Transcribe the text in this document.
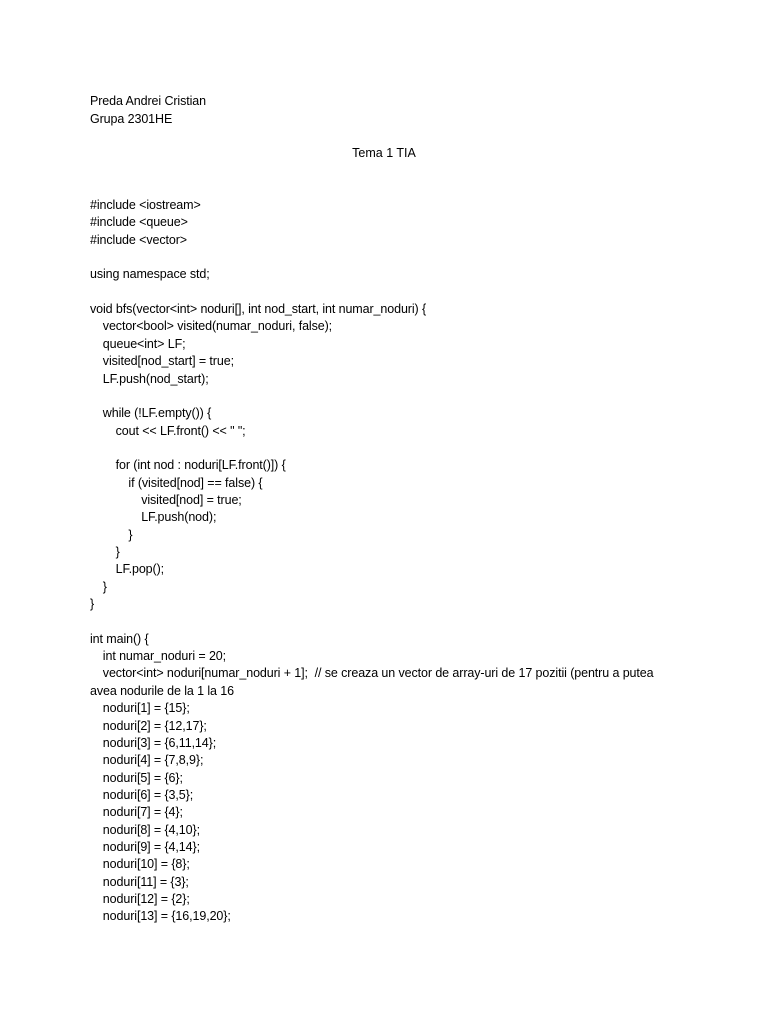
Preda Andrei Cristian
Grupa 2301HE
Tema 1 TIA
#include <iostream>
#include <queue>
#include <vector>
using namespace std;
void bfs(vector<int> noduri[], int nod_start, int numar_noduri) {
vector<bool> visited(numar_noduri, false);
queue<int> LF;
visited[nod_start] = true;
LF.push(nod_start);
while (!LF.empty()) {
cout << LF.front() << " ";
for (int nod : noduri[LF.front()]) {
if (visited[nod] == false) {
visited[nod] = true;
LF.push(nod);
}
}
LF.pop();
}
}
int main() {
int numar_noduri = 20;
vector<int> noduri[numar_noduri + 1];  // se creaza un vector de array-uri de 17 pozitii (pentru a putea
avea nodurile de la 1 la 16
noduri[1] = {15};
noduri[2] = {12,17};
noduri[3] = {6,11,14};
noduri[4] = {7,8,9};
noduri[5] = {6};
noduri[6] = {3,5};
noduri[7] = {4};
noduri[8] = {4,10};
noduri[9] = {4,14};
noduri[10] = {8};
noduri[11] = {3};
noduri[12] = {2};
noduri[13] = {16,19,20};
